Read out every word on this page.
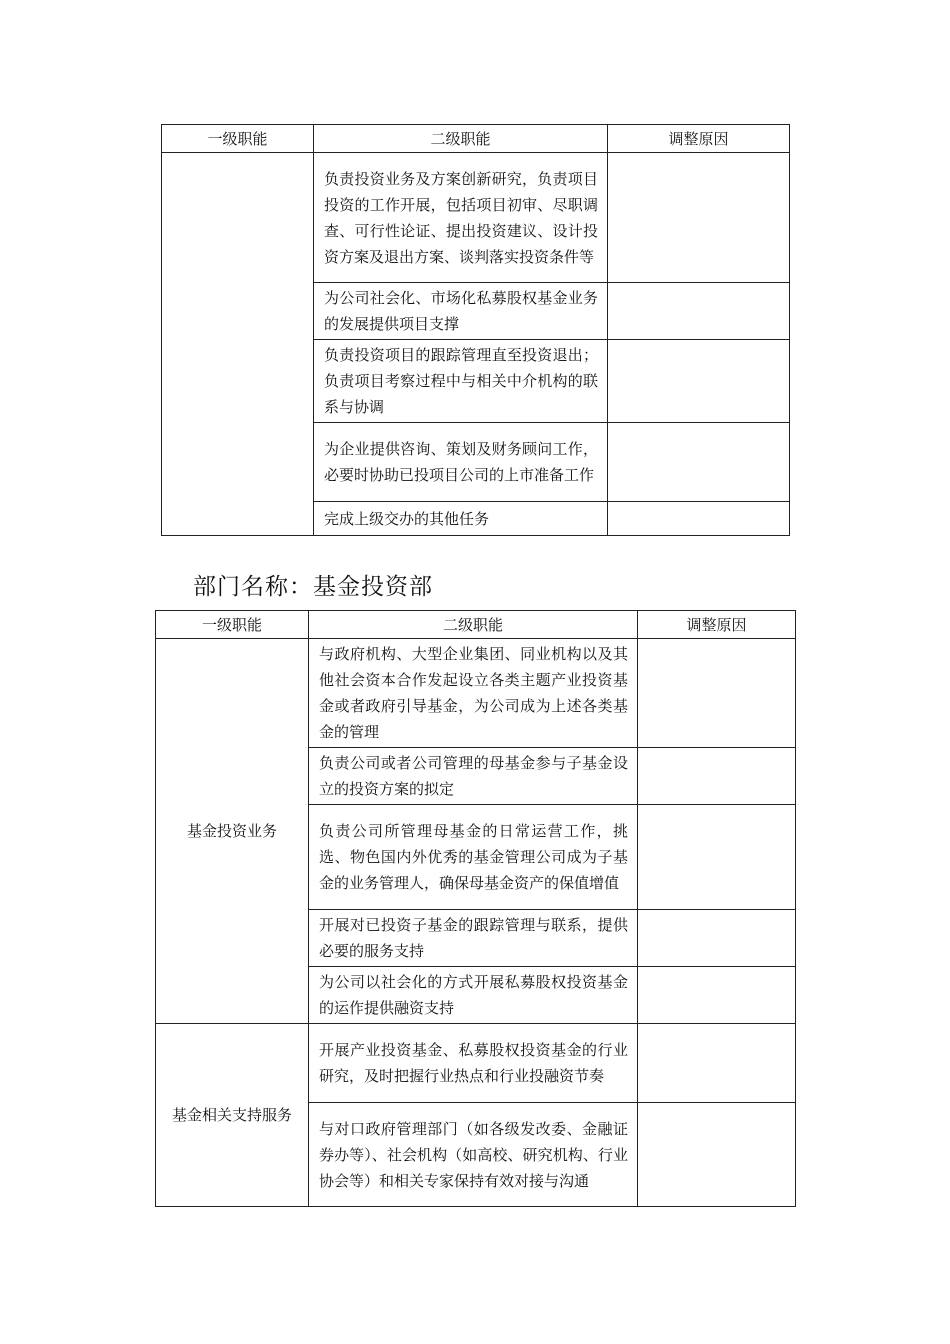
一级职能	二级职能	调整原因
	负责投资业务及方案创新研究，负责项目投资的工作开展，包括项目初审、尽职调查、可行性论证、提出投资建议、设计投资方案及退出方案、谈判落实投资条件等	
	为公司社会化、市场化私募股权基金业务的发展提供项目支撑	
	负责投资项目的跟踪管理直至投资退出；负责项目考察过程中与相关中介机构的联系与协调	
	为企业提供咨询、策划及财务顾问工作，必要时协助已投项目公司的上市准备工作	
	完成上级交办的其他任务	
部门名称：基金投资部
一级职能	二级职能	调整原因
基金投资业务	与政府机构、大型企业集团、同业机构以及其他社会资本合作发起设立各类主题产业投资基金或者政府引导基金，为公司成为上述各类基金的管理	
	负责公司或者公司管理的母基金参与子基金设立的投资方案的拟定	
	负责公司所管理母基金的日常运营工作，挑选、物色国内外优秀的基金管理公司成为子基金的业务管理人，确保母基金资产的保值增值	
	开展对已投资子基金的跟踪管理与联系，提供必要的服务支持	
	为公司以社会化的方式开展私募股权投资基金的运作提供融资支持	
基金相关支持服务	开展产业投资基金、私募股权投资基金的行业研究，及时把握行业热点和行业投融资节奏	
	与对口政府管理部门（如各级发改委、金融证券办等）、社会机构（如高校、研究机构、行业协会等）和相关专家保持有效对接与沟通	
